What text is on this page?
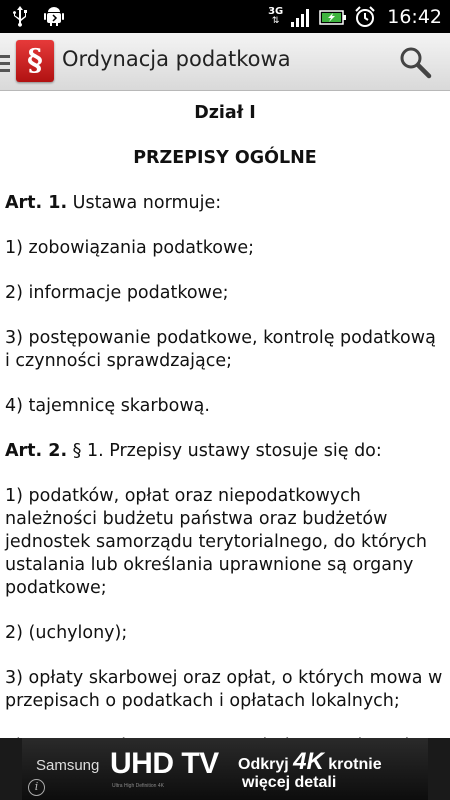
3G
⇅	16:42
§ Ordynacja podatkowa
Dział I
PRZEPISY OGÓLNE

Art. 1. Ustawa normuje:

1) zobowiązania podatkowe;

2) informacje podatkowe;

3) postępowanie podatkowe, kontrolę podatkową i czynności sprawdzające;

4) tajemnicę skarbową.

Art. 2. § 1. Przepisy ustawy stosuje się do:

1) podatków, opłat oraz niepodatkowych należności budżetu państwa oraz budżetów jednostek samorządu terytorialnego, do których ustalania lub określania uprawnione są organy podatkowe;

2) (uchylony);

3) opłaty skarbowej oraz opłat, o których mowa w przepisach o podatkach i opłatach lokalnych;

Samsung UHD TV
Ultra High Definition 4K
Odkryj 4K krotnie
więcej detali
i
